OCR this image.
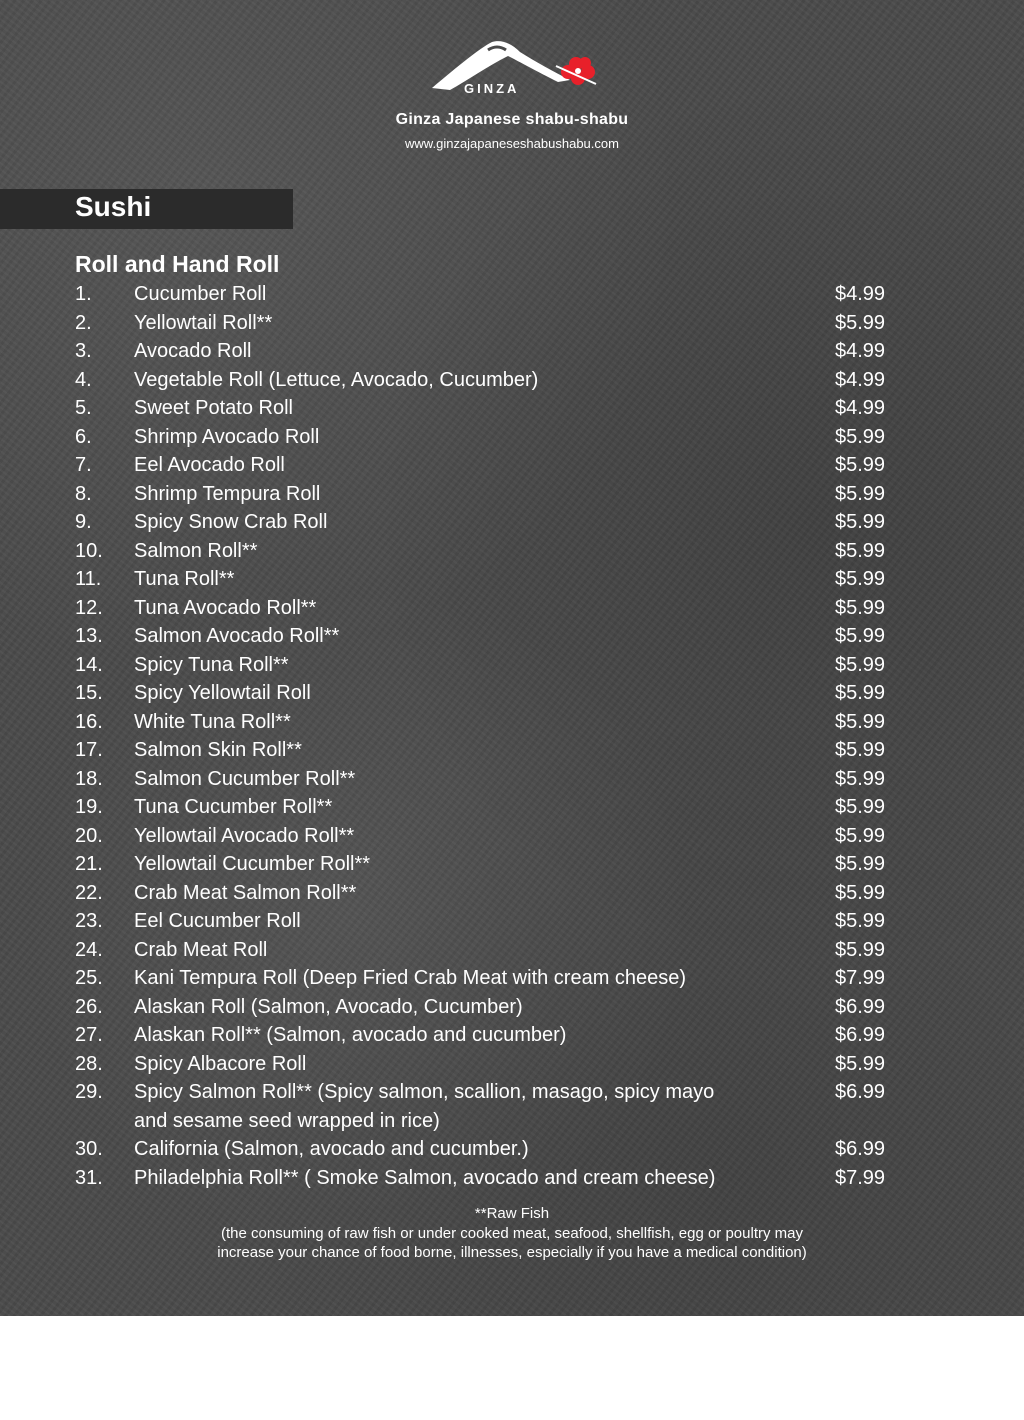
GINZA
Ginza Japanese shabu-shabu
www.ginzajapaneseshabushabu.com
Sushi
Roll and Hand Roll
1. Cucumber Roll	$4.99
2. Yellowtail Roll**	$5.99
3. Avocado Roll	$4.99
4. Vegetable Roll (Lettuce, Avocado, Cucumber)	$4.99
5. Sweet Potato Roll	$4.99
6. Shrimp Avocado Roll	$5.99
7. Eel Avocado Roll	$5.99
8. Shrimp Tempura Roll	$5.99
9. Spicy Snow Crab Roll	$5.99
10. Salmon Roll**	$5.99
11. Tuna Roll**	$5.99
12. Tuna Avocado Roll**	$5.99
13. Salmon Avocado Roll**	$5.99
14. Spicy Tuna Roll**	$5.99
15. Spicy Yellowtail Roll	$5.99
16. White Tuna Roll**	$5.99
17. Salmon Skin Roll**	$5.99
18. Salmon Cucumber Roll**	$5.99
19. Tuna Cucumber Roll**	$5.99
20. Yellowtail Avocado Roll**	$5.99
21. Yellowtail Cucumber Roll**	$5.99
22. Crab Meat Salmon Roll**	$5.99
23. Eel Cucumber Roll	$5.99
24. Crab Meat Roll	$5.99
25. Kani Tempura Roll (Deep Fried Crab Meat with cream cheese)	$7.99
26. Alaskan Roll (Salmon, Avocado, Cucumber)	$6.99
27. Alaskan Roll** (Salmon, avocado and cucumber)	$6.99
28. Spicy Albacore Roll	$5.99
29. Spicy Salmon Roll** (Spicy salmon, scallion, masago, spicy mayo and sesame seed wrapped in rice)
$6.99
30. California (Salmon, avocado and cucumber.)	$6.99
31. Philadelphia Roll** ( Smoke Salmon, avocado and cream cheese)	$7.99
**Raw Fish
(the consuming of raw fish or under cooked meat, seafood, shellfish, egg or poultry may
increase your chance of food borne, illnesses, especially if you have a medical condition)
